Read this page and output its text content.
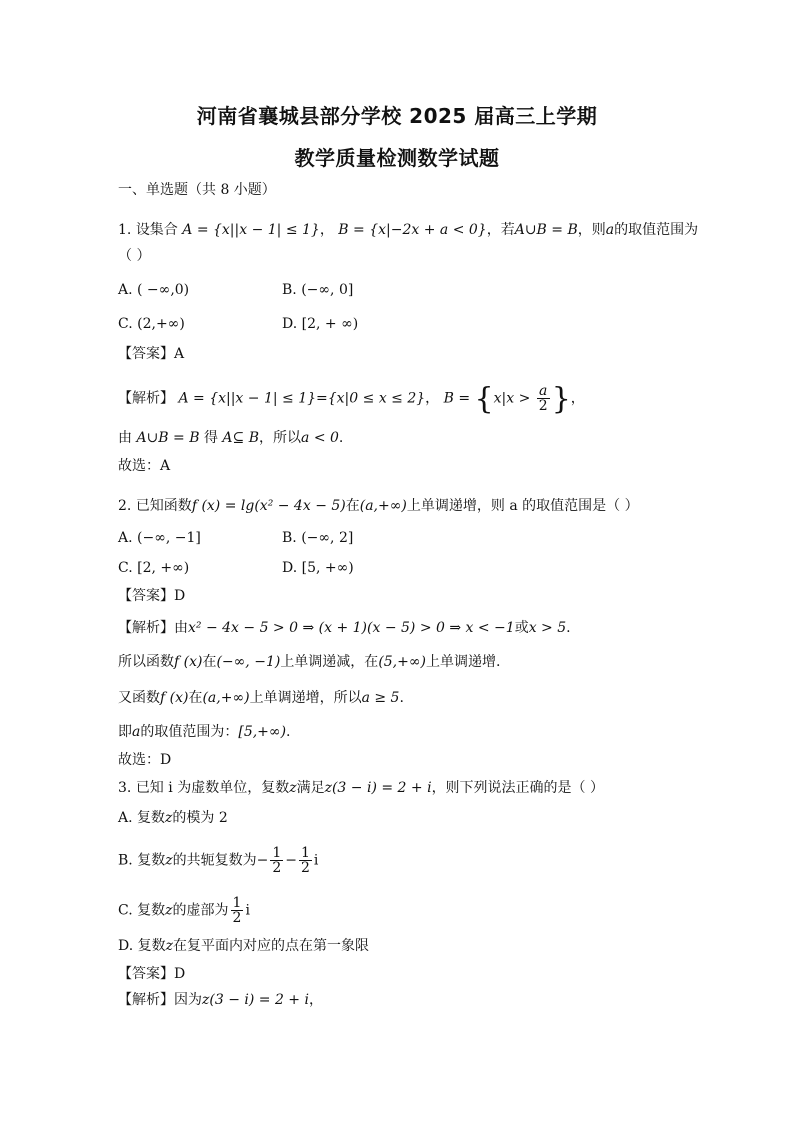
河南省襄城县部分学校 2025 届高三上学期
教学质量检测数学试题
一、单选题（共 8 小题）
1. 设集合 A = {x||x − 1| ≤ 1}， B = {x|−2x + a < 0}，若A∪B = B，则a的取值范围为
（ ）
A. ( −∞,0)	B. (−∞, 0]
C. (2,+∞)	D. [2, + ∞)
【答案】A
【解析】 A = {x||x − 1| ≤ 1}={x|0 ≤ x ≤ 2}， $B = \{x|x > \frac{a}{2}$ }，
由 A∪B = B 得 A⊆ B，所以a < 0.
故选：A
2. 已知函数f (x) = lg(x² − 4x − 5)在(a,+∞)上单调递增，则 a 的取值范围是（ ）
A. (−∞, −1]	B. (−∞, 2]
C. [2, +∞)	D. [5, +∞)
【答案】D
【解析】由x² − 4x − 5 > 0 ⇒ (x + 1)(x − 5) > 0 ⇒ x < −1或x > 5.
所以函数f (x)在(−∞, −1)上单调递减，在(5,+∞)上单调递增.
又函数f (x)在(a,+∞)上单调递增，所以a ≥ 5.
即a的取值范围为：[5,+∞).
故选：D
3. 已知 i 为虚数单位，复数z满足z(3 − i) = 2 + i，则下列说法正确的是（ ）
A. 复数z的模为 2
B. 复数z的共轭复数为− $\frac{1}{2} - \frac{1}{2}$ i
C. 复数z的虚部为 $\frac{1}{2}$ i
D. 复数z在复平面内对应的点在第一象限
【答案】D
【解析】因为z(3 − i) = 2 + i，
